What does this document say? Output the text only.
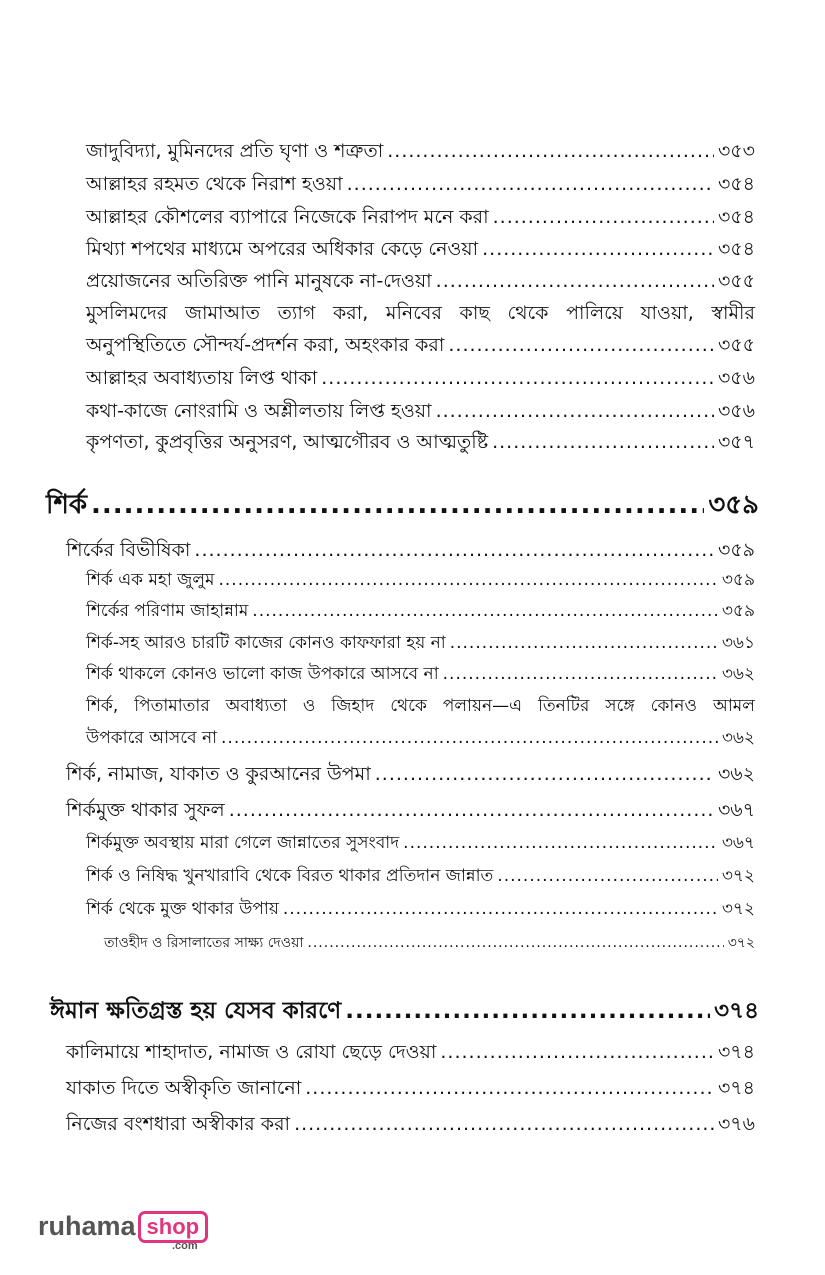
জাদুবিদ্যা, মুমিনদের প্রতি ঘৃণা ও শত্রুতা .....	৩৫৩
আল্লাহর রহমত থেকে নিরাশ হওয়া .....	৩৫৪
আল্লাহর কৌশলের ব্যাপারে নিজেকে নিরাপদ মনে করা .....	৩৫৪
মিথ্যা শপথের মাধ্যমে অপরের অধিকার কেড়ে নেওয়া .....	৩৫৪
প্রয়োজনের অতিরিক্ত পানি মানুষকে না-দেওয়া .....	৩৫৫
মুসলিমদের জামাআত ত্যাগ করা, মনিবের কাছ থেকে পালিয়ে যাওয়া, স্বামীর
অনুপস্থিতিতে সৌন্দর্য-প্রদর্শন করা, অহংকার করা .....	৩৫৫
আল্লাহর অবাধ্যতায় লিপ্ত থাকা .....	৩৫৬
কথা-কাজে নোংরামি ও অশ্লীলতায় লিপ্ত হওয়া .....	৩৫৬
কৃপণতা, কুপ্রবৃত্তির অনুসরণ, আত্মগৌরব ও আত্মতুষ্টি .....	৩৫৭
শির্ক .....	৩৫৯
শির্কের বিভীষিকা .....	৩৫৯
শির্ক এক মহা জুলুম .....	৩৫৯
শির্কের পরিণাম জাহান্নাম .....	৩৫৯
শির্ক-সহ আরও চারটি কাজের কোনও কাফফারা হয় না .....	৩৬১
শির্ক থাকলে কোনও ভালো কাজ উপকারে আসবে না .....	৩৬২
শির্ক, পিতামাতার অবাধ্যতা ও জিহাদ থেকে পলায়ন—এ তিনটির সঙ্গে কোনও আমল
উপকারে আসবে না .....	৩৬২
শির্ক, নামাজ, যাকাত ও কুরআনের উপমা .....	৩৬২
শির্কমুক্ত থাকার সুফল .....	৩৬৭
শির্কমুক্ত অবস্থায় মারা গেলে জান্নাতের সুসংবাদ .....	৩৬৭
শির্ক ও নিষিদ্ধ খুনখারাবি থেকে বিরত থাকার প্রতিদান জান্নাত .....	৩৭২
শির্ক থেকে মুক্ত থাকার উপায় .....	৩৭২
তাওহীদ ও রিসালাতের সাক্ষ্য দেওয়া .....	৩৭২
ঈমান ক্ষতিগ্রস্ত হয় যেসব কারণে .....	৩৭৪
কালিমায়ে শাহাদাত, নামাজ ও রোযা ছেড়ে দেওয়া .....	৩৭৪
যাকাত দিতে অস্বীকৃতি জানানো .....	৩৭৪
নিজের বংশধারা অস্বীকার করা .....	৩৭৬
ruhama shop
.com
